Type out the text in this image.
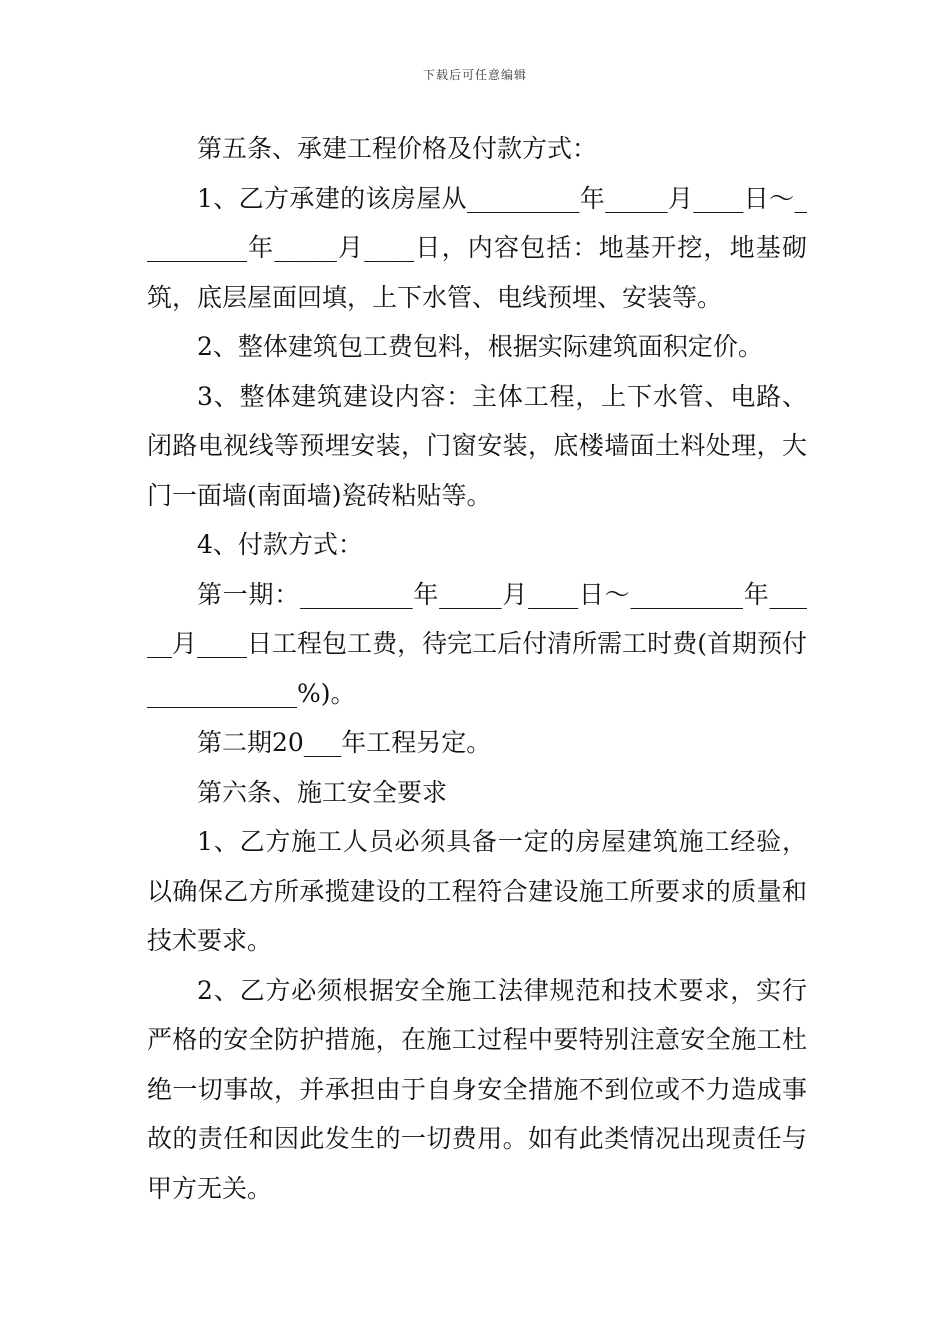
下载后可任意编辑

第五条、承建工程价格及付款方式：

1、乙方承建的该房屋从_________年_____月____日～_________年_____月____日，内容包括：地基开挖，地基砌筑，底层屋面回填，上下水管、电线预埋、安装等。

2、整体建筑包工费包料，根据实际建筑面积定价。

3、整体建筑建设内容：主体工程，上下水管、电路、闭路电视线等预埋安装，门窗安装，底楼墙面土料处理，大门一面墙(南面墙)瓷砖粘贴等。

4、付款方式：

第一期：_________年_____月____日～_________年_____月____日工程包工费，待完工后付清所需工时费(首期预付____________%)。

第二期20___年工程另定。

第六条、施工安全要求

1、乙方施工人员必须具备一定的房屋建筑施工经验，以确保乙方所承揽建设的工程符合建设施工所要求的质量和技术要求。

2、乙方必须根据安全施工法律规范和技术要求，实行严格的安全防护措施，在施工过程中要特别注意安全施工杜绝一切事故，并承担由于自身安全措施不到位或不力造成事故的责任和因此发生的一切费用。如有此类情况出现责任与甲方无关。
